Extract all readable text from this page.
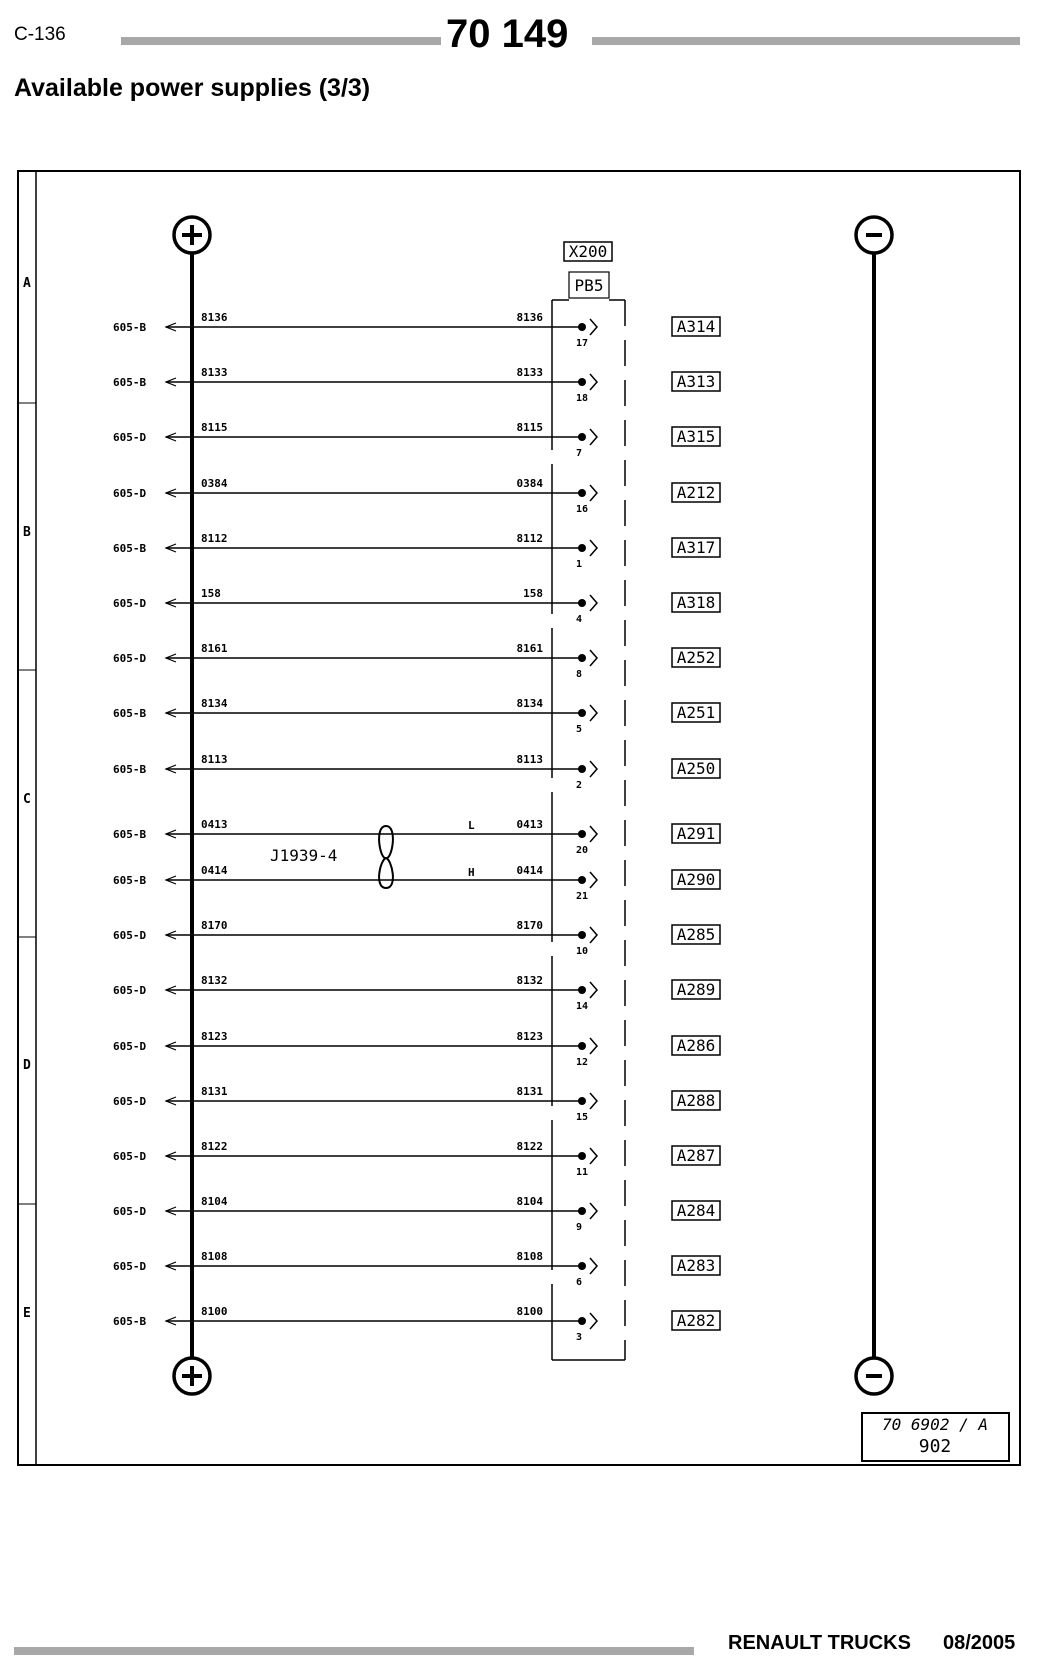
C-136	70 149
Available power supplies (3/3)
A
B
C
D
E
X200
PB5
J1939-4
L
H
605-B
8136	8136
17
A314
605-B
8133	8133
18
A313
605-D
8115	8115
7
A315
605-D
0384	0384
16
A212
605-B
8112	8112
1
A317
605-D
158	158
4
A318
605-D
8161	8161
8
A252
605-B
8134	8134
5
A251
605-B
8113	8113
2
A250
605-B
0413	0413
20
A291
605-B
0414	0414
21
A290
605-D
8170	8170
10
A285
605-D
8132	8132
14
A289
605-D
8123	8123
12
A286
605-D
8131	8131
15
A288
605-D
8122	8122
11
A287
605-D
8104	8104
9
A284
605-D
8108	8108
6
A283
605-B
8100	8100
3
A282
70 6902 / A
902
RENAULT TRUCKS 08/2005
